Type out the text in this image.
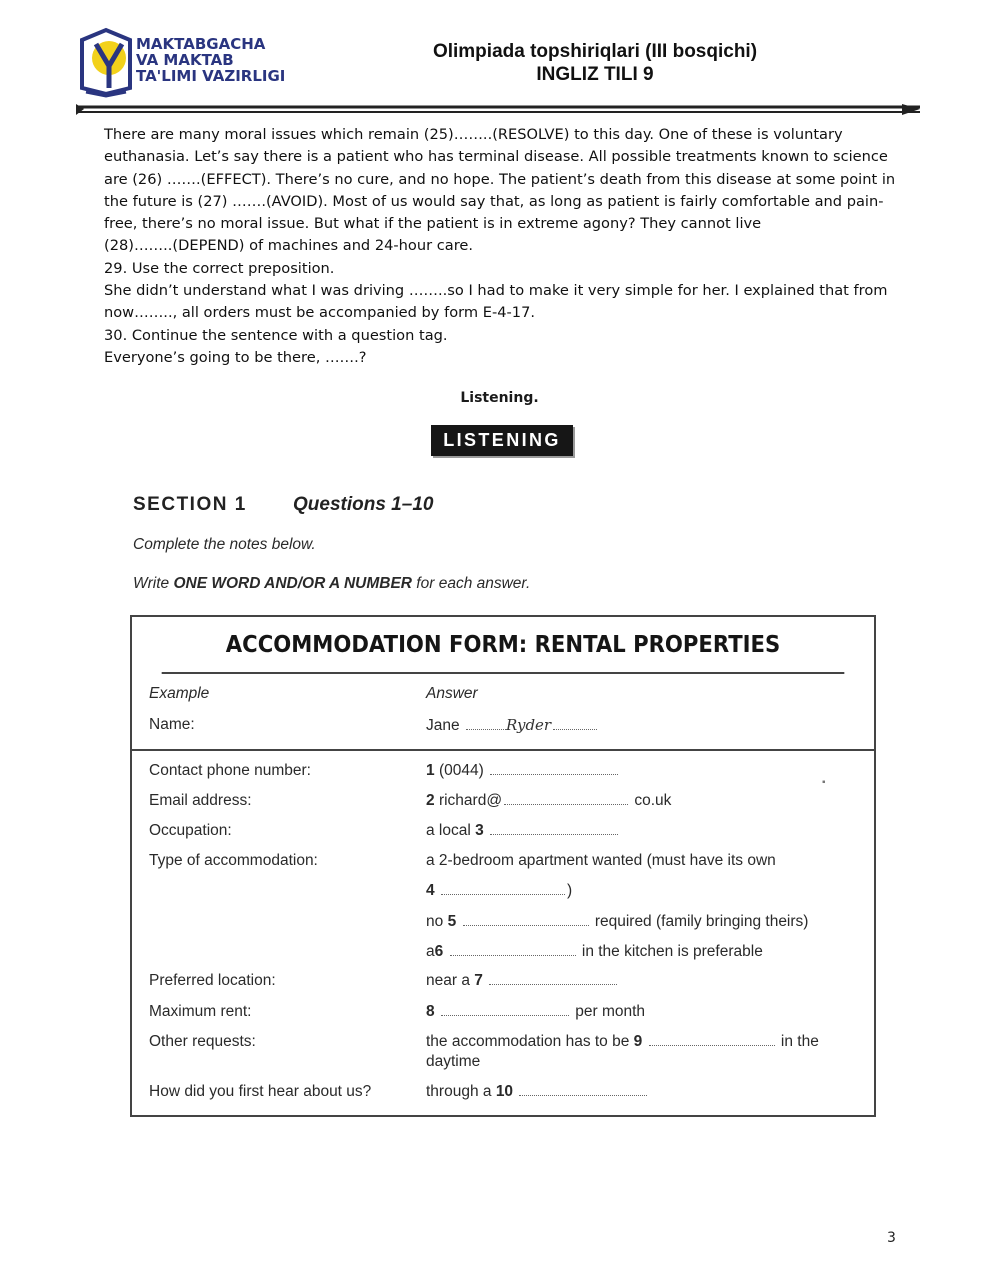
MAKTABGACHA
VA MAKTAB
TA'LIMI VAZIRLIGI
Olimpiada topshiriqlari (III bosqichi)
INGLIZ TILI 9

There are many moral issues which remain (25)……..(RESOLVE) to this day. One of these is voluntary

euthanasia. Let’s say there is a patient who has terminal disease. All possible treatments known to science

are (26) …….(EFFECT). There’s no cure, and no hope. The patient’s death from this disease at some point in

the future is (27) …….(AVOID). Most of us would say that, as long as patient is fairly comfortable and pain-

free, there’s no moral issue. But what if the patient is in extreme agony? They cannot live

(28)……..(DEPEND) of machines and 24-hour care.

29. Use the correct preposition.

She didn’t understand what I was driving ……..so I had to make it very simple for her. I explained that from

now…….., all orders must be accompanied by form E-4-17.

30. Continue the sentence with a question tag.

Everyone’s going to be there, …….?

Listening.
LISTENING
SECTION 1 Questions 1–10
Complete the notes below.
Write ONE WORD AND/OR A NUMBER for each answer.
ACCOMMODATION FORM: RENTAL PROPERTIES
Example	Answer
Name:	Jane	Ryder
Contact phone number:	1 (0044)
▪
Email address:	2 richard@	co.uk
Occupation:	a local 3
Type of accommodation:	a 2-bedroom apartment wanted (must have its own
4	)
no 5	required (family bringing theirs)
a6	in the kitchen is preferable
Preferred location:	near a 7
Maximum rent:	8	per month
Other requests:	the accommodation has to be 9	in the
daytime
How did you first hear about us?	through a 10
3
